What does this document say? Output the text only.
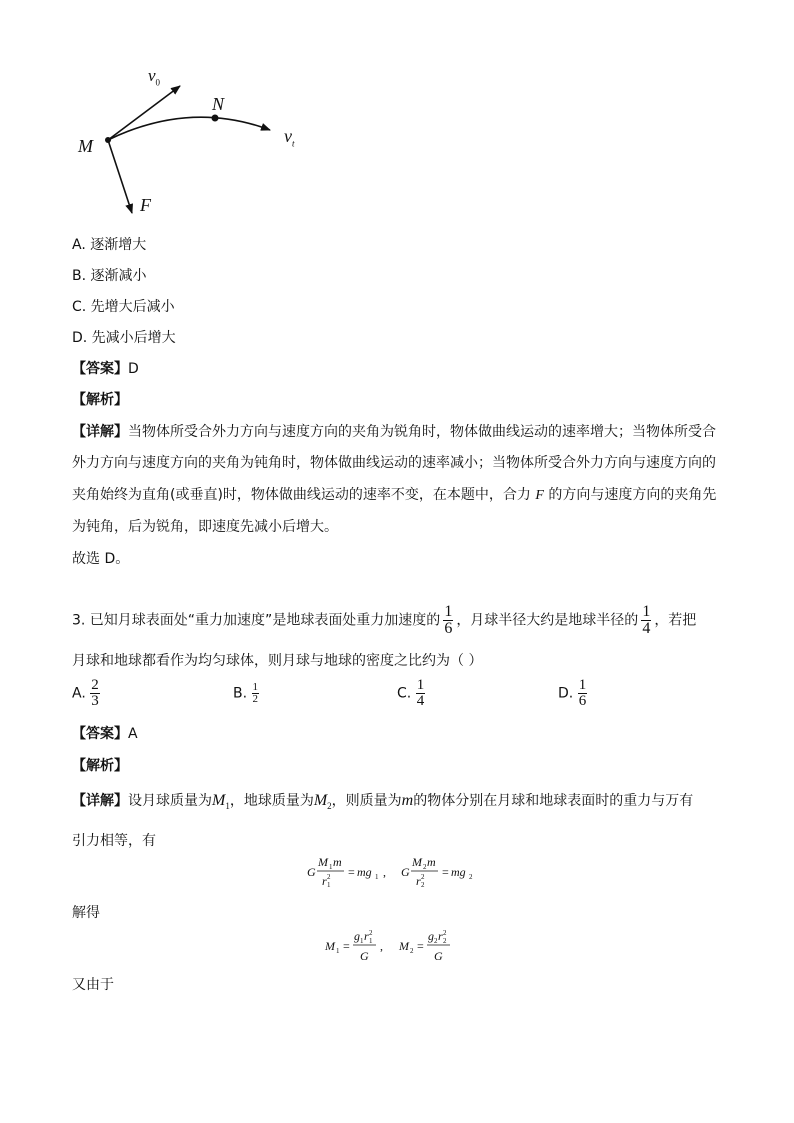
$v_0$
N
M	$v_t$
F
A. 逐渐增大
B. 逐渐减小
C. 先增大后减小
D. 先减小后增大
【答案】D
【解析】
【详解】当物体所受合外力方向与速度方向的夹角为锐角时，物体做曲线运动的速率增大；当物体所受合
外力方向与速度方向的夹角为钝角时，物体做曲线运动的速率减小；当物体所受合外力方向与速度方向的
夹角始终为直角(或垂直)时，物体做曲线运动的速率不变，在本题中，合力 F 的方向与速度方向的夹角先
为钝角，后为锐角，即速度先减小后增大。
故选 D。
3. 已知月球表面处“重力加速度”是地球表面处重力加速度的 $\frac{1}{6}$ ，月球半径大约是地球半径的 $\frac{1}{4}$ ，若把
月球和地球都看作为均匀球体，则月球与地球的密度之比约为（ ）
A. $\frac{2}{3}$	B. $\frac{1}{2}$	C. $\frac{1}{4}$	D. $\frac{1}{6}$
【答案】A
【解析】
【详解】设月球质量为$M_1$，地球质量为$M_2$，则质量为m的物体分别在月球和地球表面时的重力与万有
引力相等，有
G
M 1 m
r 1
2 = mg 1 , G
M 2 m
r 2
2 = mg 2
解得
M 1 =
g 1 r 1
2
G
, M 2 =
g 2 r 2
2
G
又由于
